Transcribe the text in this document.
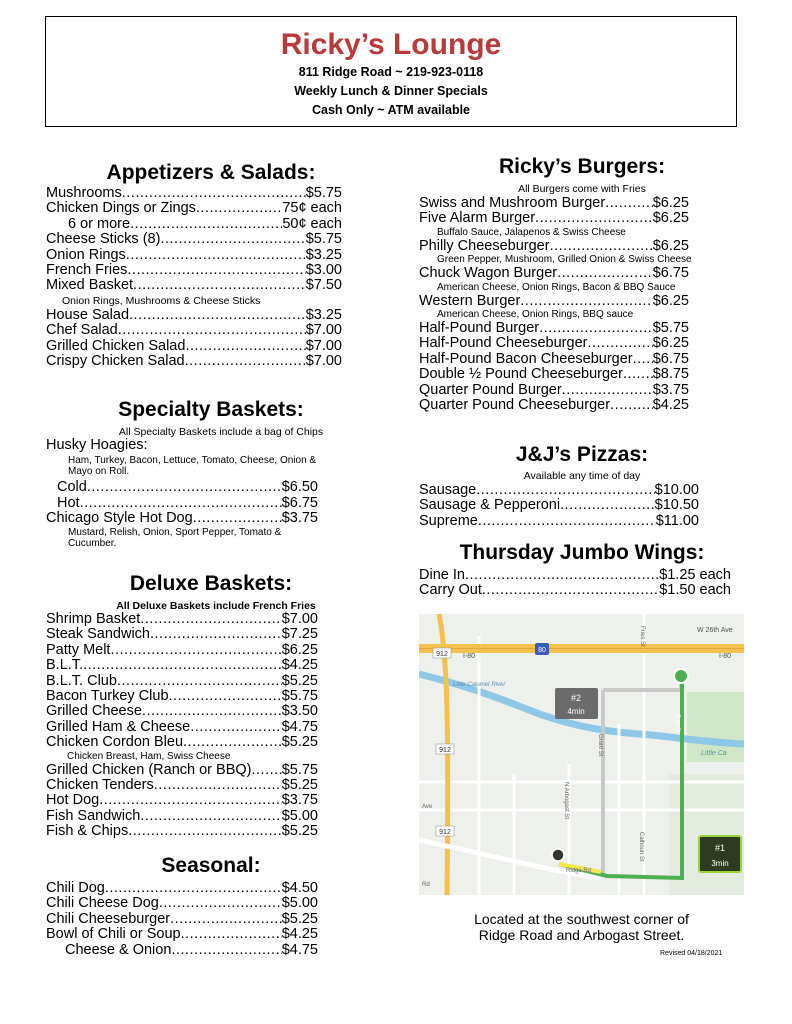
Ricky’s Lounge
811 Ridge Road ~ 219-923-0118
Weekly Lunch & Dinner Specials
Cash Only ~ ATM available
Appetizers & Salads:
Mushrooms .....	$5.75
Chicken Dings or Zings .....	75¢ each
6 or more .....	50¢ each
Cheese Sticks (8) .....	$5.75
Onion Rings .....	$3.25
French Fries .....	$3.00
Mixed Basket .....	$7.50
Onion Rings, Mushrooms & Cheese Sticks
House Salad .....	$3.25
Chef Salad .....	$7.00
Grilled Chicken Salad .....	$7.00
Crispy Chicken Salad .....	$7.00
Specialty Baskets:
All Specialty Baskets include a bag of Chips
Husky Hoagies:
Ham, Turkey, Bacon, Lettuce, Tomato, Cheese, Onion & Mayo on Roll.
Cold .....	$6.50
Hot .....	$6.75
Chicago Style Hot Dog .....	$3.75
Mustard, Relish, Onion, Sport Pepper, Tomato & Cucumber.
Deluxe Baskets:
All Deluxe Baskets include French Fries
Shrimp Basket .....	$7.00
Steak Sandwich .....	$7.25
Patty Melt .....	$6.25
B.L.T. .....	$4.25
B.L.T. Club .....	$5.25
Bacon Turkey Club .....	$5.75
Grilled Cheese .....	$3.50
Grilled Ham & Cheese .....	$4.75
Chicken Cordon Bleu .....	$5.25
Chicken Breast, Ham, Swiss Cheese
Grilled Chicken (Ranch or BBQ) ..... $5.75
Chicken Tenders .....	$5.25
Hot Dog .....	$3.75
Fish Sandwich .....	$5.00
Fish & Chips .....	$5.25
Seasonal:
Chili Dog .....	$4.50
Chili Cheese Dog .....	$5.00
Chili Cheeseburger .....	$5.25
Bowl of Chili or Soup .....	$4.25
Cheese & Onion .....	$4.75
Ricky’s Burgers:
All Burgers come with Fries
Swiss and Mushroom Burger .....	$6.25
Five Alarm Burger .....	$6.25
Buffalo Sauce, Jalapenos & Swiss Cheese
Philly Cheeseburger .....	$6.25
Green Pepper, Mushroom, Grilled Onion & Swiss Cheese
Chuck Wagon Burger .....	$6.75
American Cheese, Onion Rings, Bacon & BBQ Sauce
Western Burger .....	$6.25
American Cheese, Onion Rings, BBQ sauce
Half-Pound Burger .....	$5.75
Half-Pound Cheeseburger .....	$6.25
Half-Pound Bacon Cheeseburger ..... $6.75
Double ½ Pound Cheeseburger ..... $8.75
Quarter Pound Burger .....	$3.75
Quarter Pound Cheeseburger .....	$4.25
J&J’s Pizzas:
Available any time of day
Sausage .....	$10.00
Sausage & Pepperoni .....	$10.50
Supreme .....	$11.00
Thursday Jumbo Wings:
Dine In .....	$1.25 each
Carry Out .....	$1.50 each
#2
4min
#1
3min
W 26th Ave
I-80	I-80
80
912
912
912
Fries St
Little Calumet River
Little Ca
Burr St
N Arbogast St
Calhoun St
Grant St
Ridge Rd
Ave
Rd
Located at the southwest corner of
Ridge Road and Arbogast Street.
Revised 04/18/2021
